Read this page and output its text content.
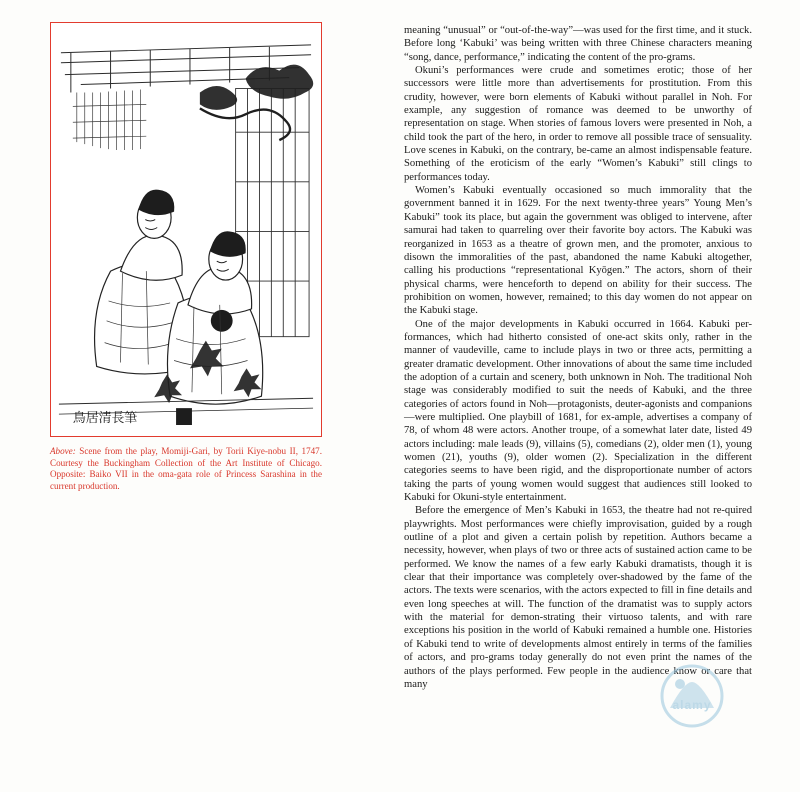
鳥居清長筆
Above: Scene from the play, Momiji-Gari, by Torii Kiye‑nobu II, 1747. Courtesy the Buckingham Collection of the Art Institute of Chicago. Opposite: Baiko VII in the oma‑gata role of Princess Sarashina in the current production.

meaning “unusual” or “out-of-the-way”—was used for the first time, and it stuck. Before long ‘Kabuki’ was being written with three Chinese characters meaning “song, dance, performance,” indicating the content of the pro-grams.

Okuni’s performances were crude and sometimes erotic; those of her successors were little more than advertisements for prostitution. From this crudity, however, were born elements of Kabuki without parallel in Noh. For example, any suggestion of romance was deemed to be unworthy of representation on stage. When stories of famous lovers were presented in Noh, a child took the part of the hero, in order to remove all possible trace of sensuality. Love scenes in Kabuki, on the contrary, be-came an almost indispensable feature. Something of the eroticism of the early “Women’s Kabuki” still clings to performances today.

Women’s Kabuki eventually occasioned so much immorality that the government banned it in 1629. For the next twenty-three years” Young Men’s Kabuki” took its place, but again the government was obliged to intervene, after samurai had taken to quarreling over their favorite boy actors. The Kabuki was reorganized in 1653 as a theatre of grown men, and the promoter, anxious to disown the immoralities of the past, abandoned the name Kabuki altogether, calling his productions “representational Kyōgen.” The actors, shorn of their physical charms, were henceforth to depend on ability for their success. The prohibition on women, however, remained; to this day women do not appear on the Kabuki stage.

One of the major developments in Kabuki occurred in 1664. Kabuki per-formances, which had hitherto consisted of one-act skits only, rather in the manner of vaudeville, came to include plays in two or three acts, permitting a greater dramatic development. Other innovations of about the same time included the adoption of a curtain and scenery, both unknown in Noh. The traditional Noh stage was considerably modified to suit the needs of Kabuki, and the three categories of actors found in Noh—protagonists, deuter-agonists and companions—were multiplied. One playbill of 1681, for ex-ample, advertises a company of 78, of whom 48 were actors. Another troupe, of a somewhat later date, listed 49 actors including: male leads (9), villains (5), comedians (2), older men (1), young women (21), youths (9), older women (2). Specialization in the different categories seems to have been rigid, and the disproportionate number of actors taking the parts of young women would suggest that audiences still looked to Kabuki for Okuni-style entertainment.

Before the emergence of Men’s Kabuki in 1653, the theatre had not re-quired playwrights. Most performances were chiefly improvisation, guided by a rough outline of a plot and given a certain polish by repetition. Authors became a necessity, however, when plays of two or three acts of sustained action came to be performed. We know the names of a few early Kabuki dramatists, though it is clear that their importance was completely over-shadowed by the fame of the actors. The texts were scenarios, with the actors expected to fill in fine details and even long speeches at will. The function of the dramatist was to supply actors with the material for demon-strating their virtuoso talents, and with rare exceptions his position in the world of Kabuki remained a humble one. Histories of Kabuki tend to write of developments almost entirely in terms of the families of actors, and pro-grams today generally do not even print the names of the authors of the plays performed. Few people in the audience know or care that many

alamy
